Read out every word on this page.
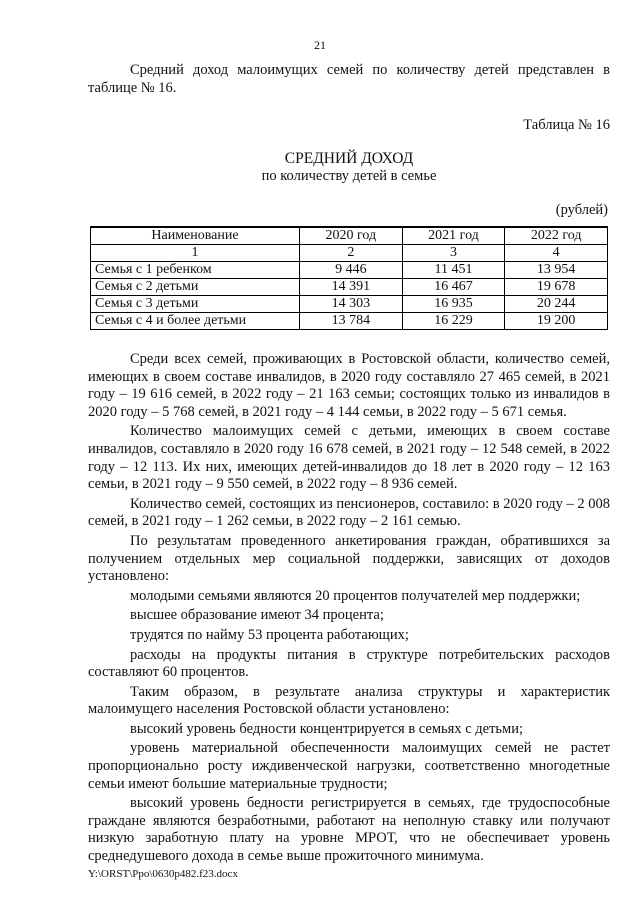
21

Средний доход малоимущих семей по количеству детей представлен в таблице № 16.

Таблица № 16
СРЕДНИЙ ДОХОД
по количеству детей в семье
(рублей)
Наименование	2020 год	2021 год	2022 год
1	2	3	4
Семья с 1 ребенком	9 446	11 451	13 954
Семья с 2 детьми	14 391	16 467	19 678
Семья с 3 детьми	14 303	16 935	20 244
Семья с 4 и более детьми	13 784	16 229	19 200

Среди всех семей, проживающих в Ростовской области, количество семей, имеющих в своем составе инвалидов, в 2020 году составляло 27 465 семей, в 2021 году – 19 616 семей, в 2022 году – 21 163 семьи; состоящих только из инвалидов в 2020 году – 5 768 семей, в 2021 году – 4 144 семьи, в 2022 году – 5 671 семья.

Количество малоимущих семей с детьми, имеющих в своем составе инвалидов, составляло в 2020 году 16 678 семей, в 2021 году – 12 548 семей, в 2022 году – 12 113. Их них, имеющих детей-инвалидов до 18 лет в 2020 году – 12 163 семьи, в 2021 году – 9 550 семей, в 2022 году – 8 936 семей.

Количество семей, состоящих из пенсионеров, составило: в 2020 году – 2 008 семей, в 2021 году – 1 262 семьи, в 2022 году – 2 161 семью.

По результатам проведенного анкетирования граждан, обратившихся за получением отдельных мер социальной поддержки, зависящих от доходов установлено:

молодыми семьями являются 20 процентов получателей мер поддержки;

высшее образование имеют 34 процента;

трудятся по найму 53 процента работающих;

расходы на продукты питания в структуре потребительских расходов составляют 60 процентов.

Таким образом, в результате анализа структуры и характеристик малоимущего населения Ростовской области установлено:

высокий уровень бедности концентрируется в семьях с детьми;

уровень материальной обеспеченности малоимущих семей не растет пропорционально росту иждивенческой нагрузки, соответственно многодетные семьи имеют большие материальные трудности;

высокий уровень бедности регистрируется в семьях, где трудоспособные граждане являются безработными, работают на неполную ставку или получают низкую заработную плату на уровне МРОТ, что не обеспечивает уровень среднедушевого дохода в семье выше прожиточного минимума.

Y:\ORST\Ppo\0630p482.f23.docx
